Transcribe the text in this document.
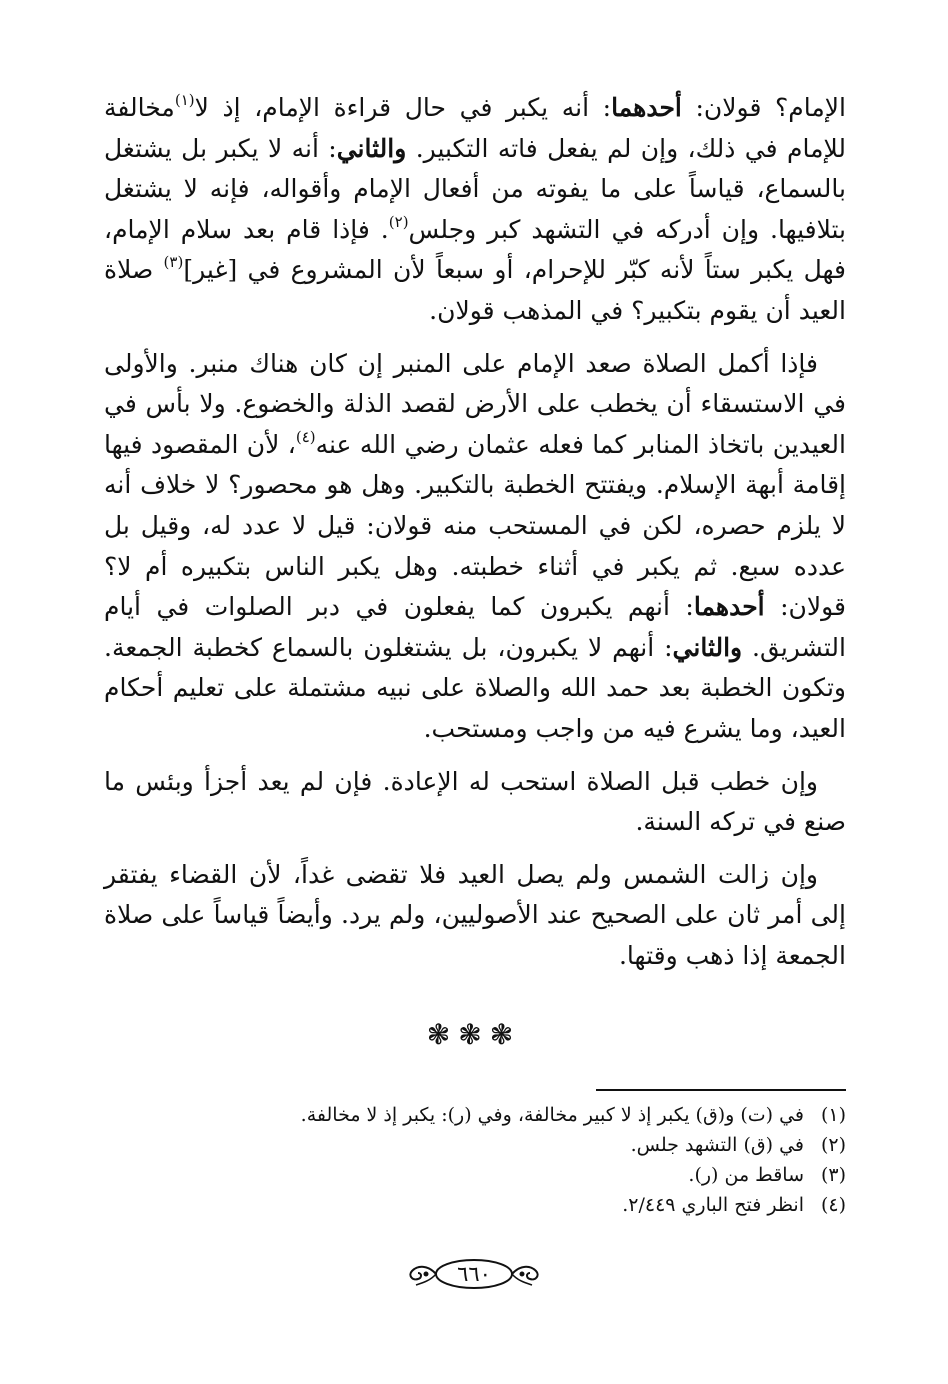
الإمام؟ قولان: أحدهما: أنه يكبر في حال قراءة الإمام، إذ لا$^{(١)}$مخالفة للإمام في ذلك، وإن لم يفعل فاته التكبير. والثاني: أنه لا يكبر بل يشتغل بالسماع، قياساً على ما يفوته من أفعال الإمام وأقواله، فإنه لا يشتغل بتلافيها. وإن أدركه في التشهد كبر وجلس$^{(٢)}$. فإذا قام بعد سلام الإمام، فهل يكبر ستاً لأنه كبّر للإحرام، أو سبعاً لأن المشروع في [غير]$^{(٣)}$ صلاة العيد أن يقوم بتكبير؟ في المذهب قولان.

فإذا أكمل الصلاة صعد الإمام على المنبر إن كان هناك منبر. والأولى في الاستسقاء أن يخطب على الأرض لقصد الذلة والخضوع. ولا بأس في العيدين باتخاذ المنابر كما فعله عثمان رضي الله عنه$^{(٤)}$، لأن المقصود فيها إقامة أبهة الإسلام. ويفتتح الخطبة بالتكبير. وهل هو محصور؟ لا خلاف أنه لا يلزم حصره، لكن في المستحب منه قولان: قيل لا عدد له، وقيل بل عدده سبع. ثم يكبر في أثناء خطبته. وهل يكبر الناس بتكبيره أم لا؟ قولان: أحدهما: أنهم يكبرون كما يفعلون في دبر الصلوات في أيام التشريق. والثاني: أنهم لا يكبرون، بل يشتغلون بالسماع كخطبة الجمعة. وتكون الخطبة بعد حمد الله والصلاة على نبيه مشتملة على تعليم أحكام العيد، وما يشرع فيه من واجب ومستحب.

وإن خطب قبل الصلاة استحب له الإعادة. فإن لم يعد أجزأ وبئس ما صنع في تركه السنة.

وإن زالت الشمس ولم يصل العيد فلا تقضى غداً، لأن القضاء يفتقر إلى أمر ثان على الصحيح عند الأصوليين، ولم يرد. وأيضاً قياساً على صلاة الجمعة إذا ذهب وقتها.

❃❃❃

(١)في (ت) و(ق) يكبر إذ لا كبير مخالفة، وفي (ر): يكبر إذ لا مخالفة.

(٢)في (ق) التشهد جلس.

(٣)ساقط من (ر).

(٤)انظر فتح الباري ٢/٤٤٩.

٦٦٠
